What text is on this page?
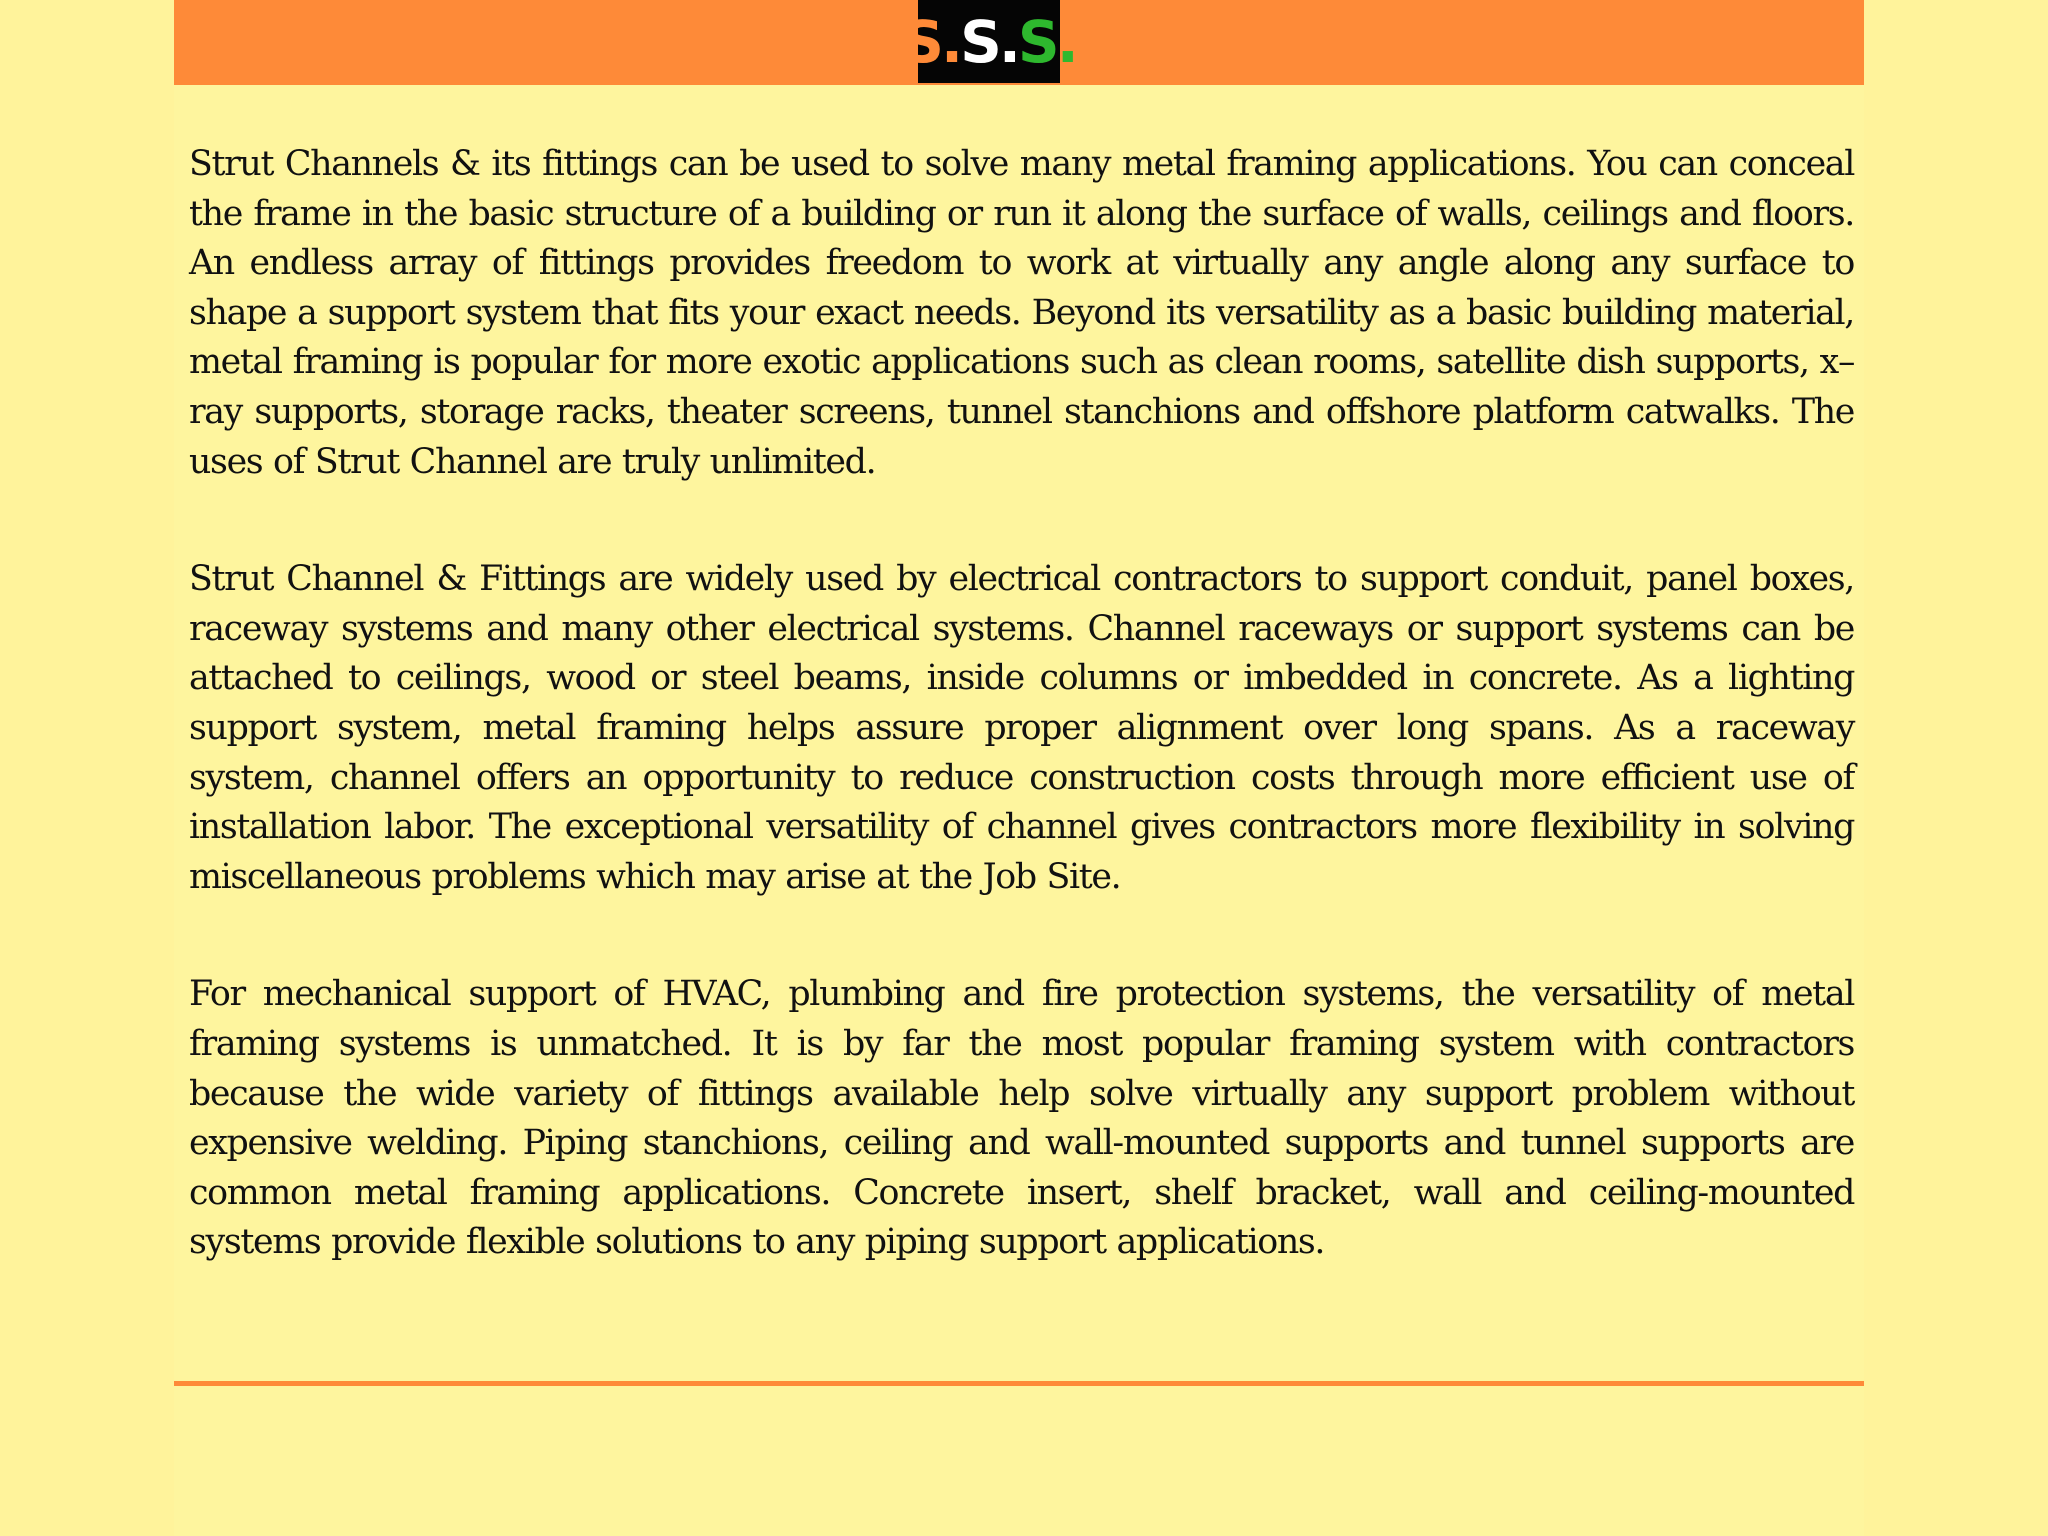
S . S . S .

Strut Channels & its fittings can be used to solve many metal framing applications. You can conceal the frame in the basic structure of a building or run it along the surface of walls, ceilings and floors. An endless array of fittings provides freedom to work at virtually any angle along any surface to shape a support system that fits your exact needs. Beyond its versatility as a basic building material, metal framing is popular for more exotic applications such as clean rooms, satellite dish supports, x–ray supports, storage racks, theater screens, tunnel stanchions and offshore platform catwalks. The uses of Strut Channel are truly unlimited.

Strut Channel & Fittings are widely used by electrical contractors to support conduit, panel boxes, raceway systems and many other electrical systems. Channel raceways or support systems can be attached to ceilings, wood or steel beams, inside columns or imbedded in concrete. As a lighting support system, metal framing helps assure proper alignment over long spans. As a raceway system, channel offers an opportunity to reduce construction costs through more efficient use of installation labor. The exceptional versatility of channel gives contractors more flexibility in solving miscellaneous problems which may arise at the Job Site.

For mechanical support of HVAC, plumbing and fire protection systems, the versatility of metal framing systems is unmatched. It is by far the most popular framing system with contractors because the wide variety of fittings available help solve virtually any support problem without expensive welding. Piping stanchions, ceiling and wall-mounted supports and tunnel supports are common metal framing applications. Concrete insert, shelf bracket, wall and ceiling-mounted systems provide flexible solutions to any piping support applications.
